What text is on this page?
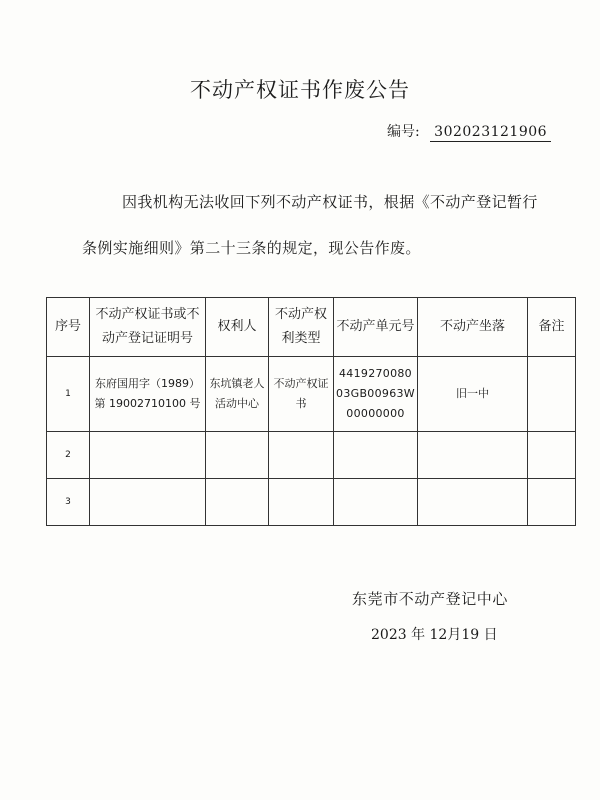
不动产权证书作废公告
编号: 302023121906
因我机构无法收回下列不动产权证书，根据《不动产登记暂行条例实施细则》第二十三条的规定，现公告作废。
序号	不动产权证书或不动产登记证明号	权利人	不动产权利类型	不动产单元号	不动产坐落	备注
1	东府国用字（1989）第 19002710100 号	东坑镇老人活动中心	不动产权证书	441927008003GB00963W00000000	旧一中	
2						
3						
东莞市不动产登记中心
2023 年 12月19 日
